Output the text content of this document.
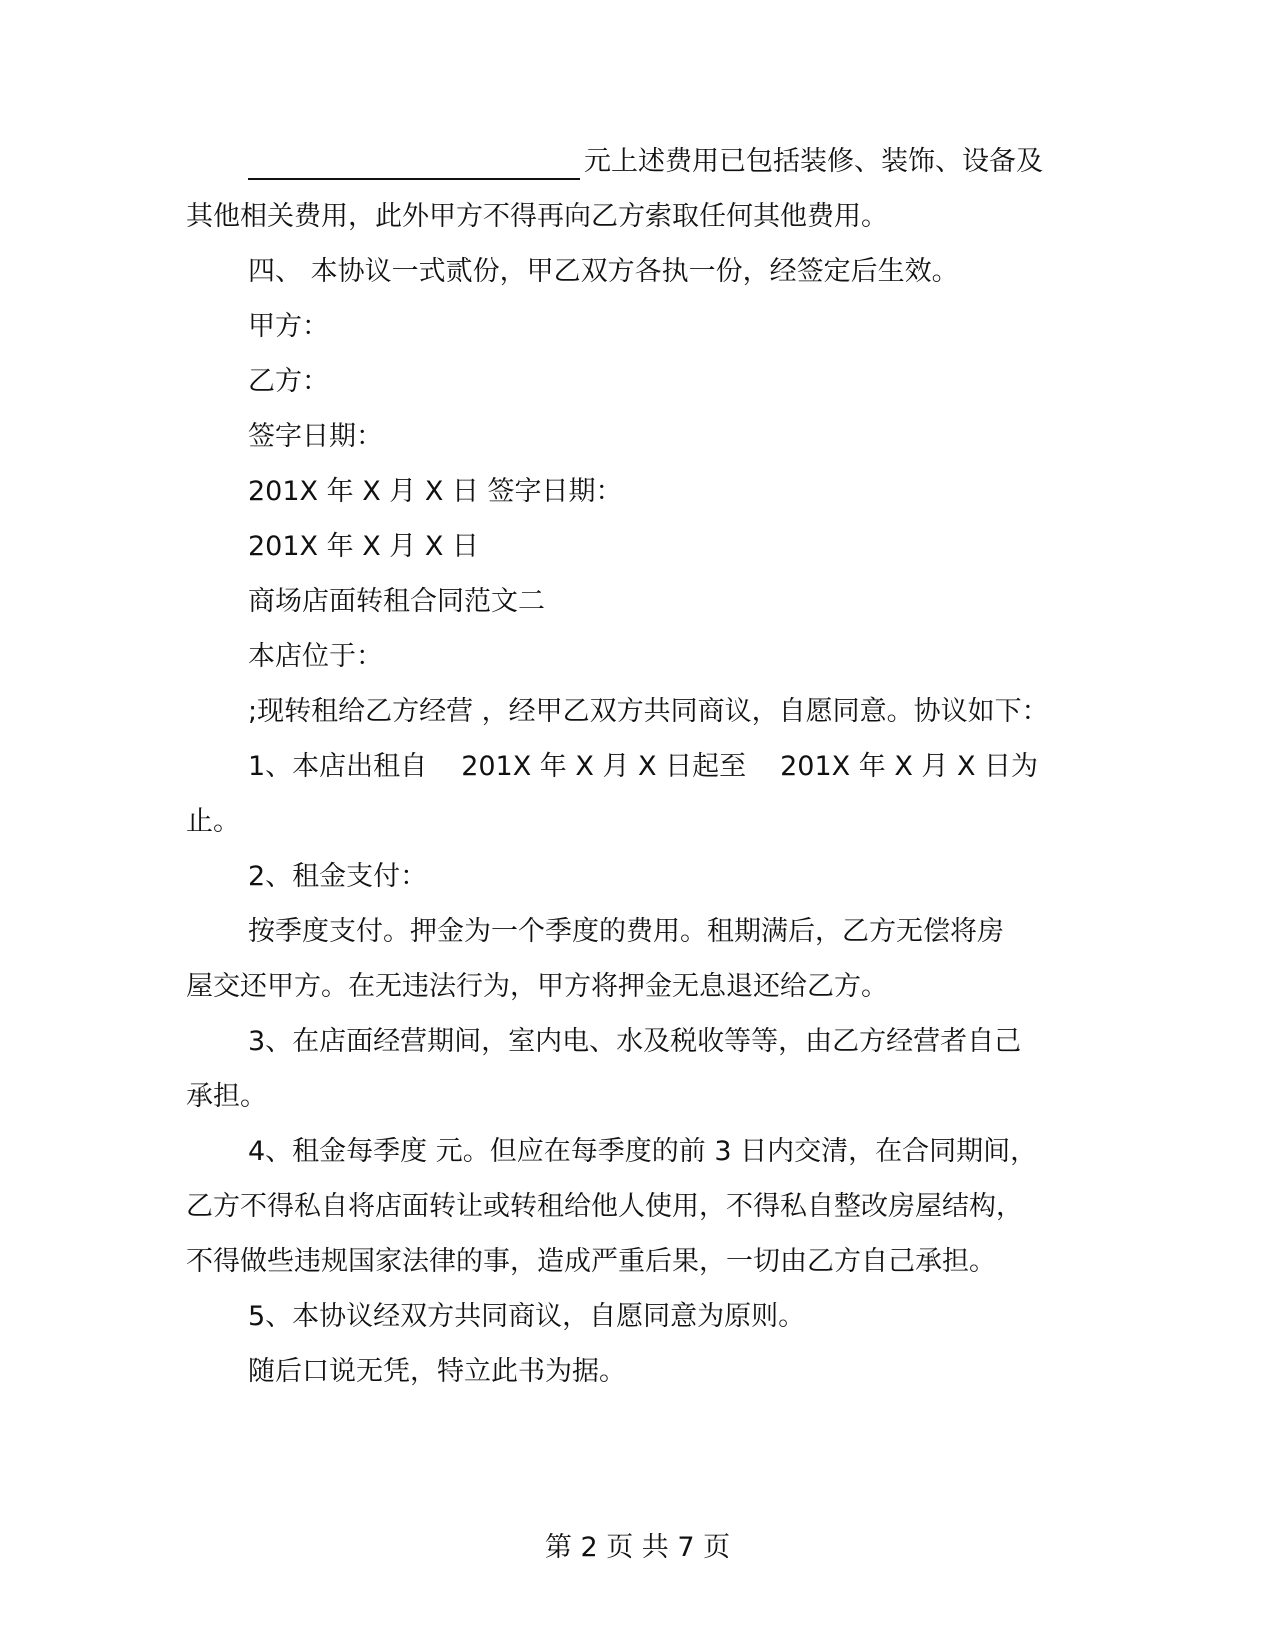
元上述费用已包括装修、装饰、设备及
其他相关费用，此外甲方不得再向乙方索取任何其他费用。
四、 本协议一式贰份，甲乙双方各执一份，经签定后生效。
甲方：
乙方：
签字日期：
201X 年 X 月 X 日 签字日期：
201X 年 X 月 X 日
商场店面转租合同范文二
本店位于：
;现转租给乙方经营 ，经甲乙双方共同商议，自愿同意。协议如下：
1、本店出租自 201X 年 X 月 X 日起至 201X 年 X 月 X 日为
止。
2、租金支付：
按季度支付。押金为一个季度的费用。租期满后，乙方无偿将房
屋交还甲方。在无违法行为，甲方将押金无息退还给乙方。
3、在店面经营期间，室内电、水及税收等等，由乙方经营者自己
承担。
4、租金每季度 元。但应在每季度的前 3 日内交清，在合同期间，
乙方不得私自将店面转让或转租给他人使用，不得私自整改房屋结构，
不得做些违规国家法律的事，造成严重后果，一切由乙方自己承担。
5、本协议经双方共同商议，自愿同意为原则。
随后口说无凭，特立此书为据。
第 2 页 共 7 页
